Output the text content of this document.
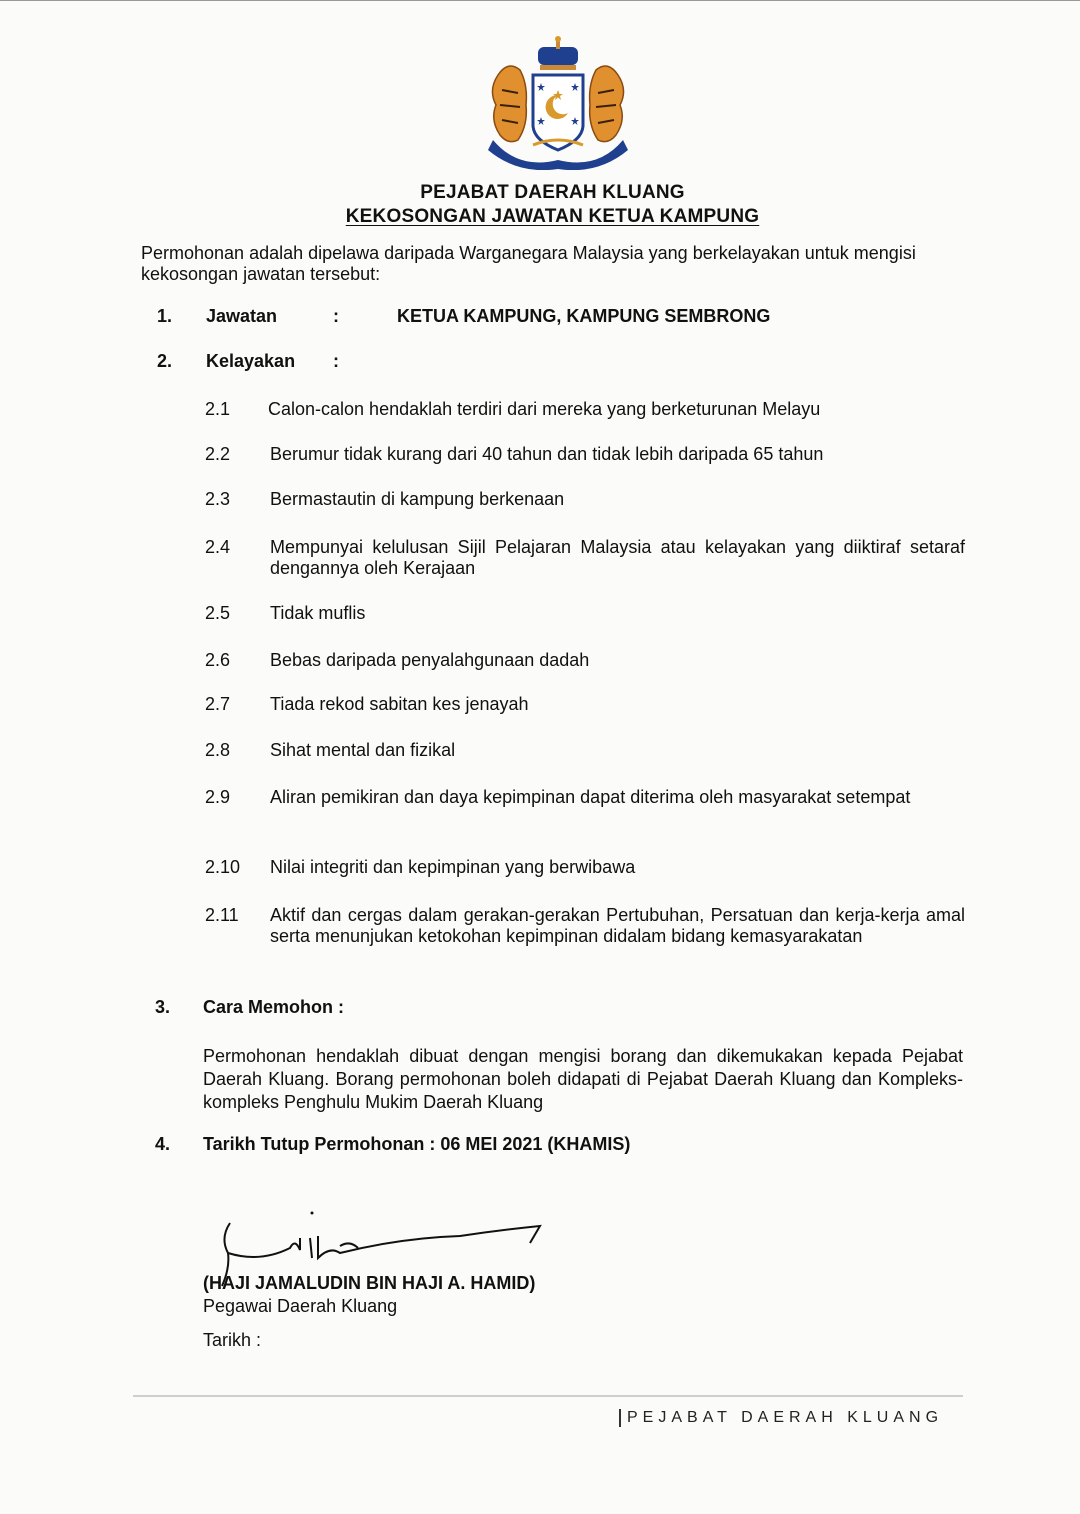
PEJABAT DAERAH KLUANG
KEKOSONGAN JAWATAN KETUA KAMPUNG
Permohonan adalah dipelawa daripada Warganegara Malaysia yang berkelayakan untuk mengisi kekosongan jawatan tersebut:
1. Jawatan	:	KETUA KAMPUNG, KAMPUNG SEMBRONG
2. Kelayakan :
2.1 Calon-calon hendaklah terdiri dari mereka yang berketurunan Melayu
2.2 Berumur tidak kurang dari 40 tahun dan tidak lebih daripada 65 tahun
2.3 Bermastautin di kampung berkenaan
2.4 Mempunyai kelulusan Sijil Pelajaran Malaysia atau kelayakan yang diiktiraf setaraf dengannya oleh Kerajaan
2.5 Tidak muflis
2.6 Bebas daripada penyalahgunaan dadah
2.7 Tiada rekod sabitan kes jenayah
2.8 Sihat mental dan fizikal
2.9 Aliran pemikiran dan daya kepimpinan dapat diterima oleh masyarakat setempat
2.10 Nilai integriti dan kepimpinan yang berwibawa
2.11 Aktif dan cergas dalam gerakan-gerakan Pertubuhan, Persatuan dan kerja-kerja amal serta menunjukan ketokohan kepimpinan didalam bidang kemasyarakatan
3. Cara Memohon :
Permohonan hendaklah dibuat dengan mengisi borang dan dikemukakan kepada Pejabat Daerah Kluang. Borang permohonan boleh didapati di Pejabat Daerah Kluang dan Kompleks-kompleks Penghulu Mukim Daerah Kluang
4. Tarikh Tutup Permohonan : 06 MEI 2021 (KHAMIS)
(HAJI JAMALUDIN BIN HAJI A. HAMID)
Pegawai Daerah Kluang
Tarikh :
PEJABAT DAERAH KLUANG
